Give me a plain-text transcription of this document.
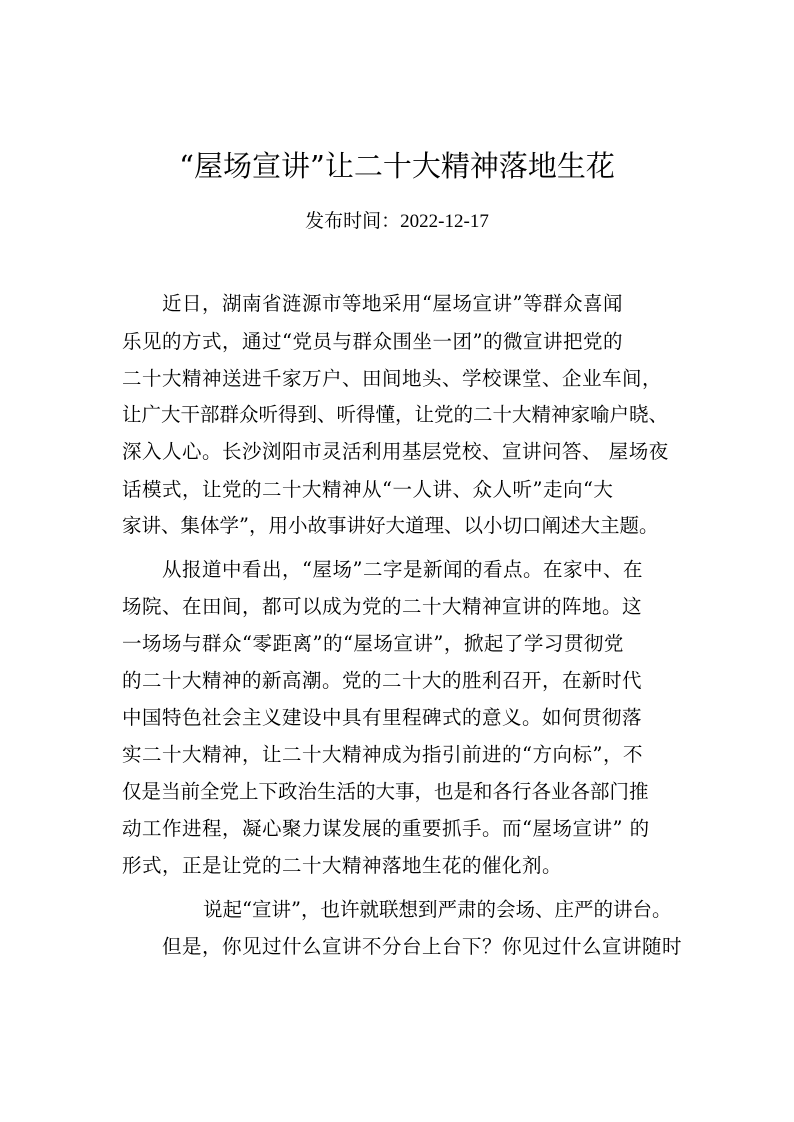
“屋场宣讲”让二十大精神落地生花
发布时间：2022-12-17
近日，湖南省涟源市等地采用“屋场宣讲”等群众喜闻
乐见的方式，通过“党员与群众围坐一团”的微宣讲把党的
二十大精神送进千家万户、田间地头、学校课堂、企业车间，
让广大干部群众听得到、听得懂，让党的二十大精神家喻户晓、
深入人心。长沙浏阳市灵活利用基层党校、宣讲问答、 屋场夜
话模式，让党的二十大精神从“一人讲、众人听”走向“大
家讲、集体学”，用小故事讲好大道理、以小切口阐述大主题。
从报道中看出，“屋场”二字是新闻的看点。在家中、在
场院、在田间，都可以成为党的二十大精神宣讲的阵地。这
一场场与群众“零距离”的“屋场宣讲”，掀起了学习贯彻党
的二十大精神的新高潮。党的二十大的胜利召开，在新时代
中国特色社会主义建设中具有里程碑式的意义。如何贯彻落
实二十大精神，让二十大精神成为指引前进的“方向标”，不
仅是当前全党上下政治生活的大事，也是和各行各业各部门推
动工作进程，凝心聚力谋发展的重要抓手。而“屋场宣讲” 的
形式，正是让党的二十大精神落地生花的催化剂。
说起“宣讲”，也许就联想到严肃的会场、庄严的讲台。
但是，你见过什么宣讲不分台上台下？你见过什么宣讲随时
